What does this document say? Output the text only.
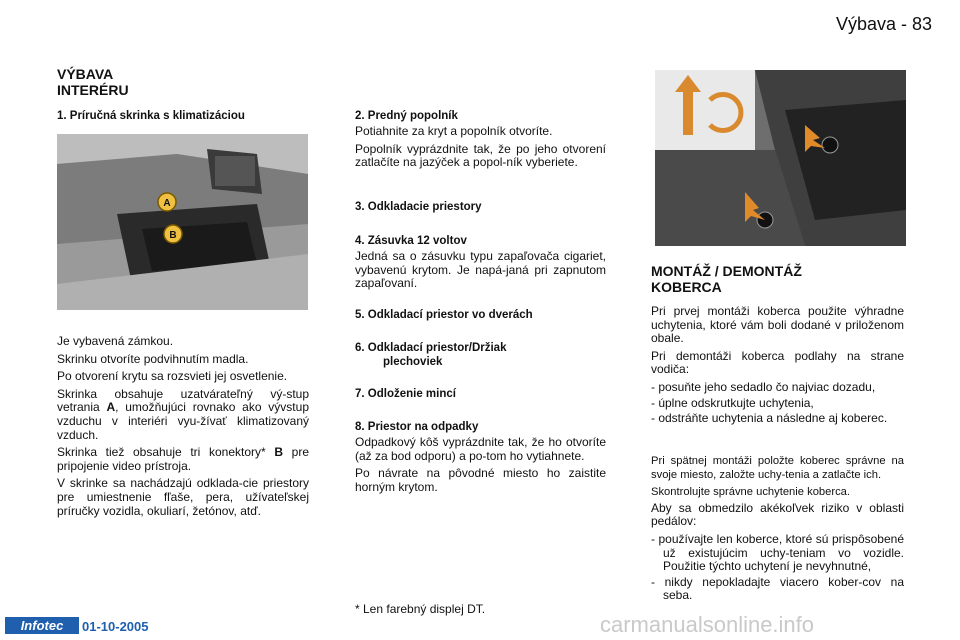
Výbava - 83
VÝBAVA
INTERÉRU
1. Príručná skrinka s klimatizáciou
A
B

Je vybavená zámkou.

Skrinku otvoríte podvihnutím madla.

Po otvorení krytu sa rozsvieti jej osvetlenie.

Skrinka obsahuje uzatvárateľný vý-stup vetrania A, umožňujúci rovnako ako vývstup vzduchu v interiéri vyu-žívať klimatizovaný vzduch.

Skrinka tiež obsahuje tri konektory* B pre pripojenie video prístroja.

V skrinke sa nachádzajú odklada-cie priestory pre umiestnenie fľaše, pera, užívateľskej príručky vozidla, okuliarí, žetónov, atď.

2. Predný popolník

Potiahnite za kryt a popolník otvoríte.

Popolník vyprázdnite tak, že po jeho otvorení zatlačíte na jazýček a popol-ník vyberiete.

3. Odkladacie priestory
4. Zásuvka 12 voltov

Jedná sa o zásuvku typu zapaľovača cigariet, vybavenú krytom. Je napá-janá pri zapnutom zapaľovaní.

5. Odkladací priestor vo dverách
6. Odkladací priestor/Držiak
plechoviek
7. Odloženie mincí
8. Priestor na odpadky

Odpadkový kôš vyprázdnite tak, že ho otvoríte (až za bod odporu) a po-tom ho vytiahnete.

Po návrate na pôvodné miesto ho zaistite horným krytom.

* Len farebný displej DT.
MONTÁŽ / DEMONTÁŽ
KOBERCA

Pri prvej montáži koberca použite výhradne uchytenia, ktoré vám boli dodané v priloženom obale.

Pri demontáži koberca podlahy na strane vodiča:

- posuňte jeho sedadlo čo najviac dozadu,

- úplne odskrutkujte uchytenia,

- odstráňte uchytenia a následne aj koberec.

Pri spätnej montáži položte koberec správne na svoje miesto, založte uchy-tenia a zatlačte ich.

Skontrolujte správne uchytenie koberca.

Aby sa obmedzilo akékoľvek riziko v oblasti pedálov:

- používajte len koberce, ktoré sú prispôsobené už existujúcim uchy-teniam vo vozidle. Použitie týchto uchytení je nevyhnutné,

- nikdy nepokladajte viacero kober-cov na seba.

Infotec	01-10-2005	carmanualsonline.info
